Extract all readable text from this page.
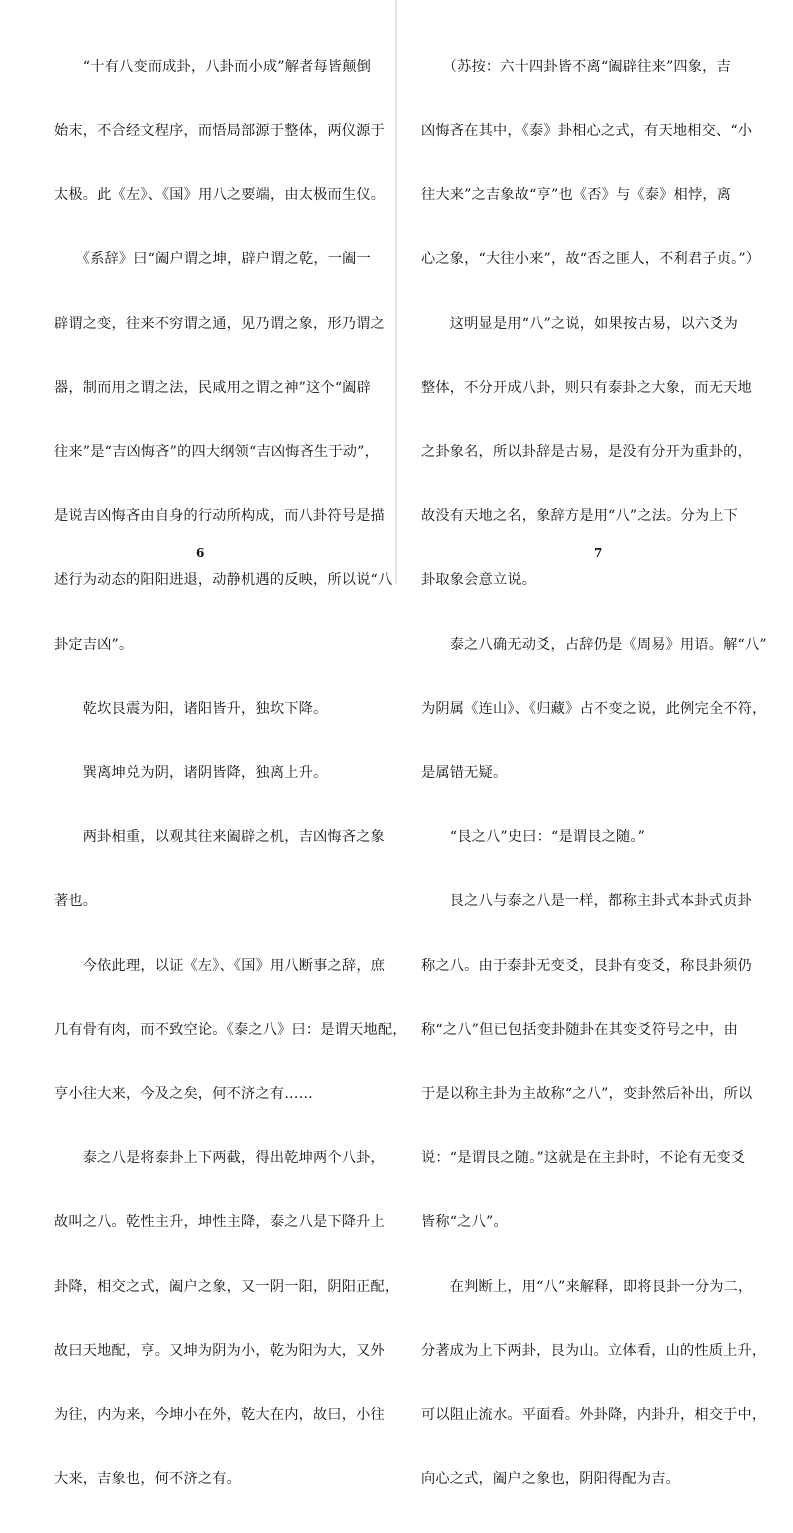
　　“十有八变而成卦，八卦而小成”解者每皆颠倒

始末，不合经文程序，而悟局部源于整体，两仪源于

太极。此《左》、《国》用八之要端，由太极而生仪。

　　《系辞》曰“阖户谓之坤，辟户谓之乾，一阖一

辟谓之变，往来不穷谓之通，见乃谓之象，形乃谓之

器，制而用之谓之法，民咸用之谓之神”这个“阖辟

往来”是“吉凶悔吝”的四大纲领“吉凶悔吝生于动”，

是说吉凶悔吝由自身的行动所构成，而八卦符号是描

述行为动态的阳阳进退，动静机遇的反映，所以说“八

卦定吉凶”。

　　乾坎艮震为阳，诸阳皆升，独坎下降。

　　巽离坤兑为阴，诸阴皆降，独离上升。

　　两卦相重，以观其往来阖辟之机，吉凶悔吝之象

著也。

　　今依此理，以证《左》、《国》用八断事之辞，庶

几有骨有肉，而不致空论。《泰之八》曰：是谓天地配，

亨小往大来，今及之矣，何不济之有……

　　泰之八是将泰卦上下两截，得出乾坤两个八卦，

故叫之八。乾性主升，坤性主降，泰之八是下降升上

卦降，相交之式，阖户之象，又一阴一阳，阴阳正配，

故曰天地配，亨。又坤为阴为小，乾为阳为大，又外

为往，内为来，今坤小在外，乾大在内，故曰，小往

大来，吉象也，何不济之有。

6

　　（苏按：六十四卦皆不离“阖辟往来”四象，吉

凶悔吝在其中，《泰》卦相心之式，有天地相交、“小

往大来”之吉象故“亨”也《否》与《泰》相悖，离

心之象，“大往小来”，故“否之匪人，不利君子贞。”）

　　这明显是用“八”之说，如果按古易，以六爻为

整体，不分开成八卦，则只有泰卦之大象，而无天地

之卦象名，所以卦辞是古易，是没有分开为重卦的，

故没有天地之名，象辞方是用“八”之法。分为上下

卦取象会意立说。

　　泰之八确无动爻，占辞仍是《周易》用语。解“八”

为阴属《连山》、《归藏》占不变之说，此例完全不符，

是属错无疑。

　　“艮之八”史曰：“是谓艮之随。”

　　艮之八与泰之八是一样，都称主卦式本卦式贞卦

称之八。由于泰卦无变爻，艮卦有变爻，称艮卦须仍

称“之八”但已包括变卦随卦在其变爻符号之中，由

于是以称主卦为主故称“之八”，变卦然后补出，所以

说：“是谓艮之随。”这就是在主卦时，不论有无变爻

皆称“之八”。

　　在判断上，用“八”来解释，即将艮卦一分为二，

分著成为上下两卦，艮为山。立体看，山的性质上升，

可以阻止流水。平面看。外卦降，内卦升，相交于中，

向心之式，阖户之象也，阴阳得配为吉。

7
